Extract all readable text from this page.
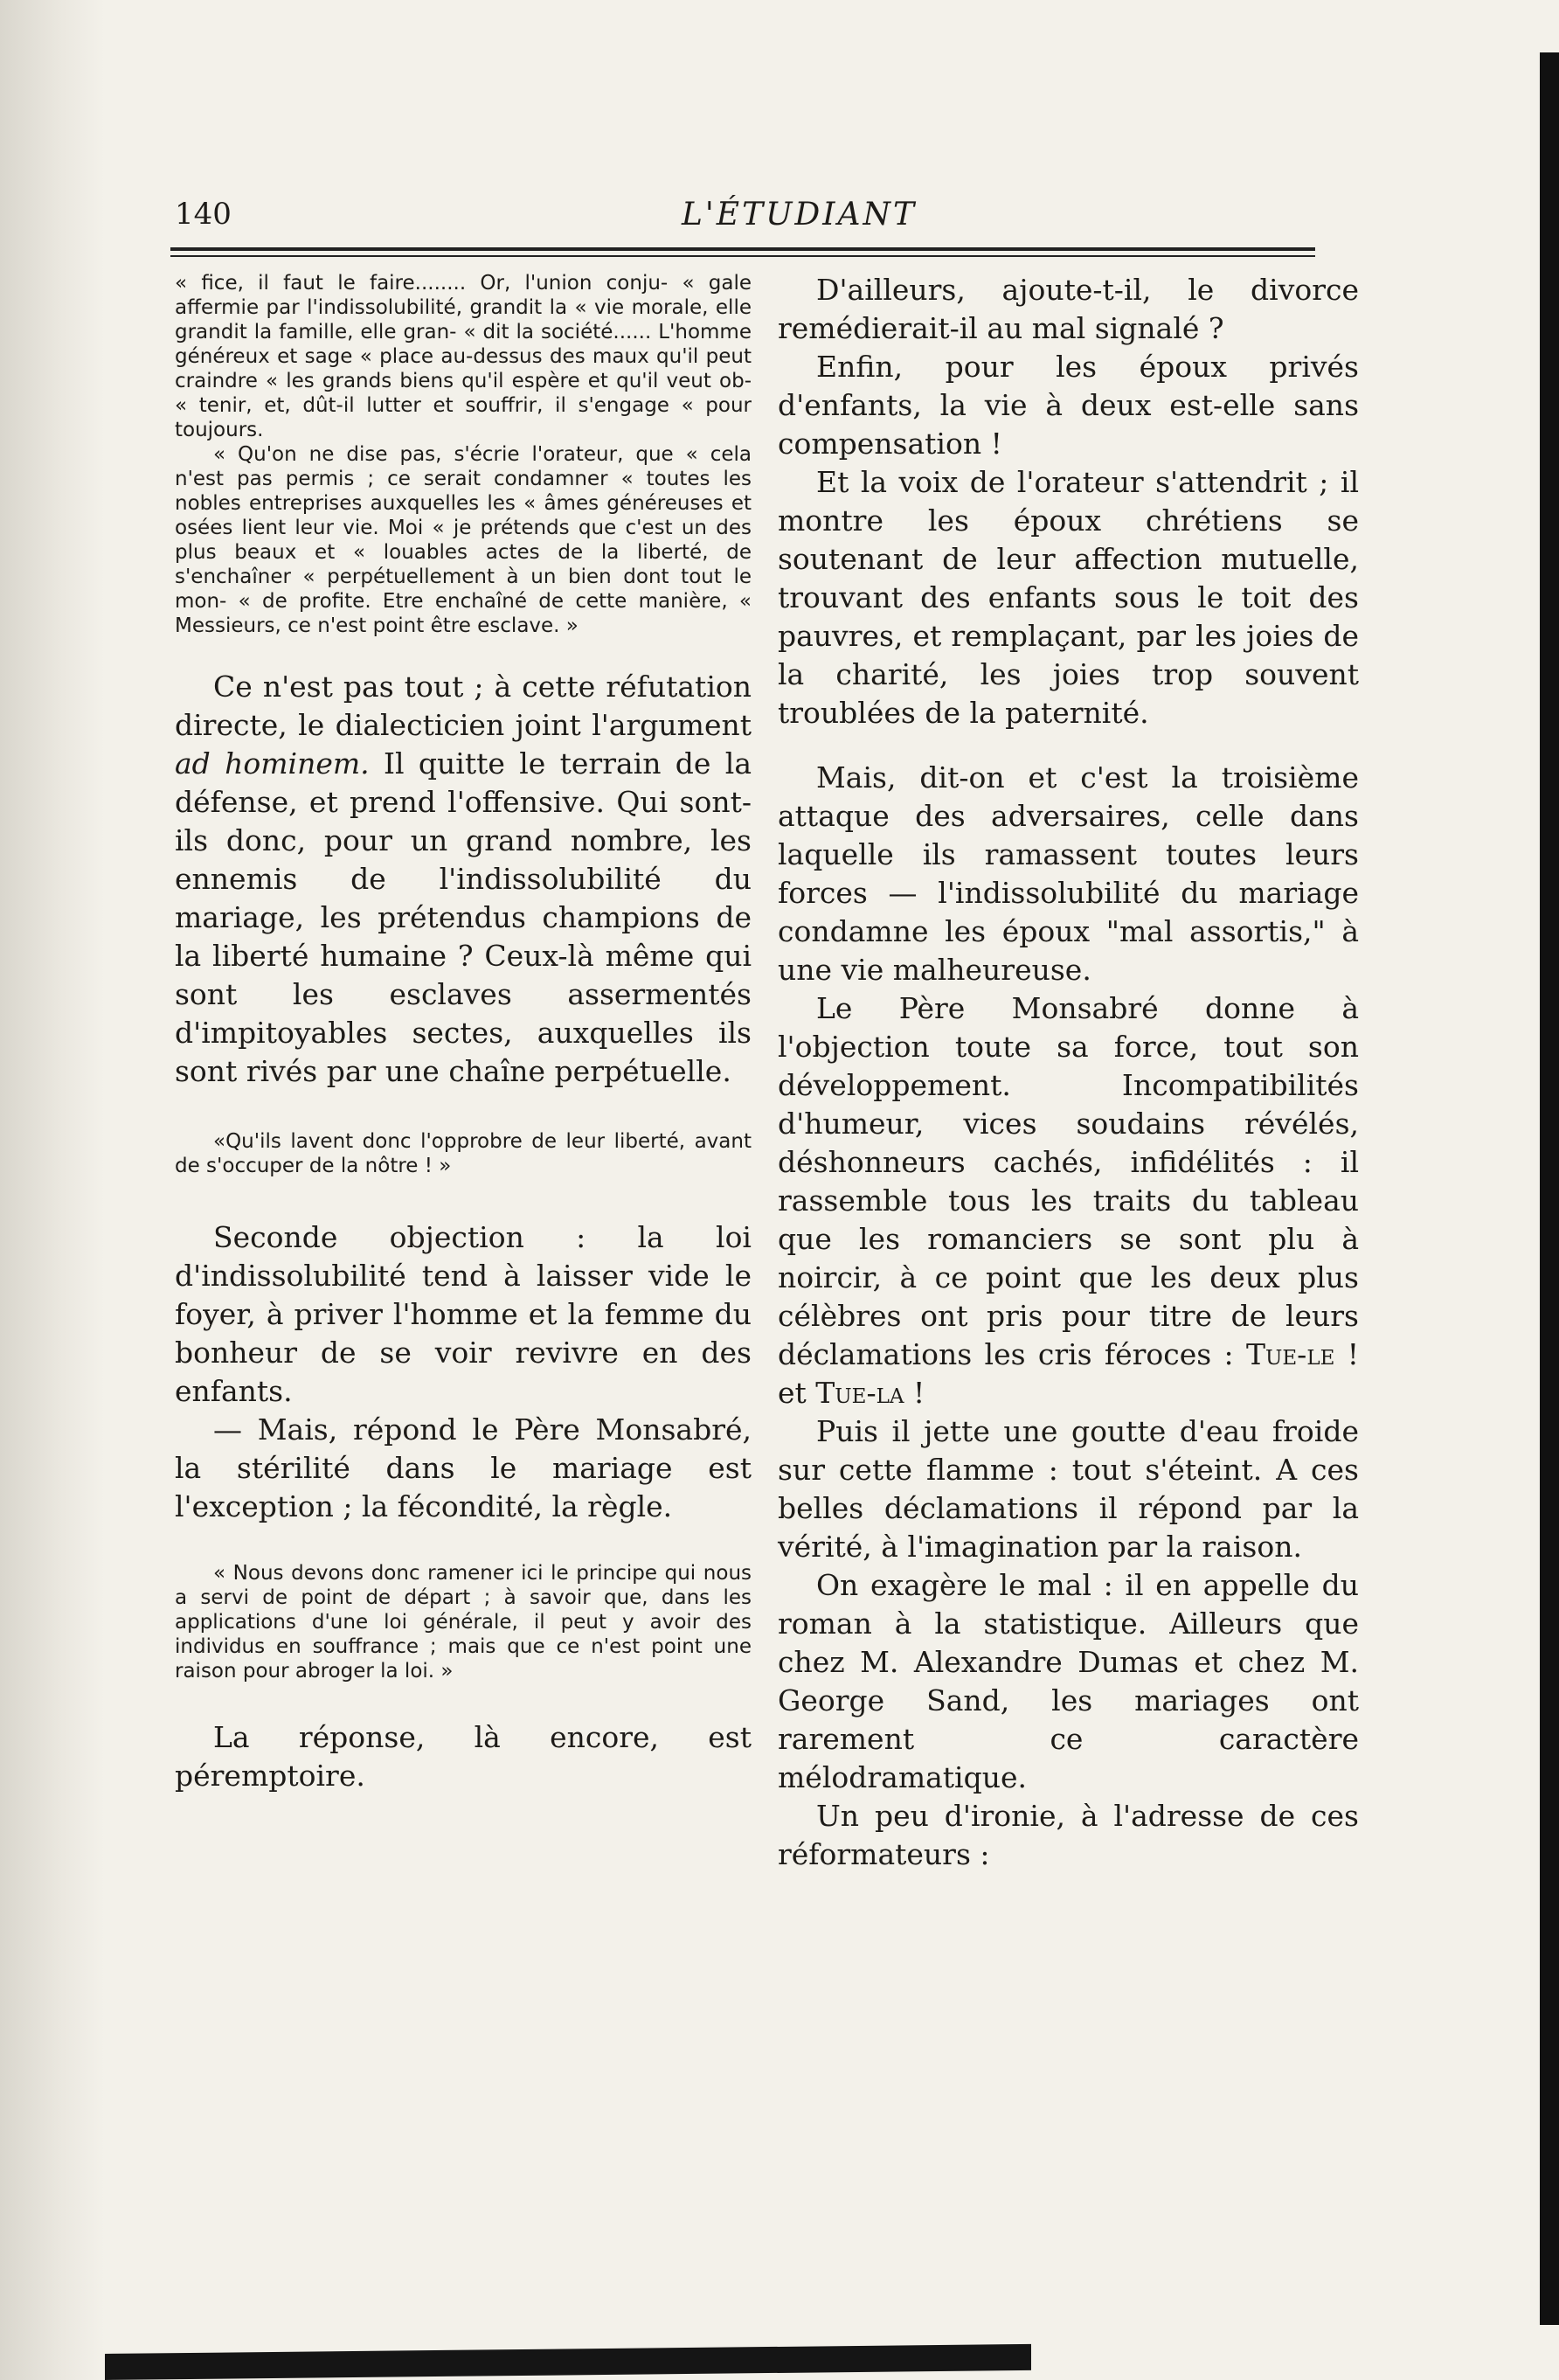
140	L'ÉTUDIANT

« fice, il faut le faire........ Or, l'union conju- « gale affermie par l'indissolubilité, grandit la « vie morale, elle grandit la famille, elle gran- « dit la société...... L'homme généreux et sage « place au-dessus des maux qu'il peut craindre « les grands biens qu'il espère et qu'il veut ob- « tenir, et, dût-il lutter et souffrir, il s'engage « pour toujours.

« Qu'on ne dise pas, s'écrie l'orateur, que « cela n'est pas permis ; ce serait condamner « toutes les nobles entreprises auxquelles les « âmes généreuses et osées lient leur vie. Moi « je prétends que c'est un des plus beaux et « louables actes de la liberté, de s'enchaîner « perpétuellement à un bien dont tout le mon- « de profite. Etre enchaîné de cette manière, « Messieurs, ce n'est point être esclave. »

Ce n'est pas tout ; à cette réfutation directe, le dialecticien joint l'argument ad hominem. Il quitte le terrain de la défense, et prend l'offensive. Qui sont-ils donc, pour un grand nombre, les ennemis de l'indissolubilité du mariage, les prétendus champions de la liberté humaine ? Ceux-là même qui sont les esclaves assermentés d'impitoyables sectes, auxquelles ils sont rivés par une chaîne perpétuelle.

«Qu'ils lavent donc l'opprobre de leur liberté, avant de s'occuper de la nôtre ! »

Seconde objection : la loi d'indissolubilité tend à laisser vide le foyer, à priver l'homme et la femme du bonheur de se voir revivre en des enfants.

— Mais, répond le Père Monsabré, la stérilité dans le mariage est l'exception ; la fécondité, la règle.

« Nous devons donc ramener ici le principe qui nous a servi de point de départ ; à savoir que, dans les applications d'une loi générale, il peut y avoir des individus en souffrance ; mais que ce n'est point une raison pour abroger la loi. »

La réponse, là encore, est péremptoire.

D'ailleurs, ajoute-t-il, le divorce remédierait-il au mal signalé ?

Enfin, pour les époux privés d'enfants, la vie à deux est-elle sans compensation !

Et la voix de l'orateur s'attendrit ; il montre les époux chrétiens se soutenant de leur affection mutuelle, trouvant des enfants sous le toit des pauvres, et remplaçant, par les joies de la charité, les joies trop souvent troublées de la paternité.

Mais, dit-on et c'est la troisième attaque des adversaires, celle dans laquelle ils ramassent toutes leurs forces — l'indissolubilité du mariage condamne les époux "mal assortis," à une vie malheureuse.

Le Père Monsabré donne à l'objection toute sa force, tout son développement. Incompatibilités d'humeur, vices soudains révélés, déshonneurs cachés, infidélités : il rassemble tous les traits du tableau que les romanciers se sont plu à noircir, à ce point que les deux plus célèbres ont pris pour titre de leurs déclamations les cris féroces : Tue-le ! et Tue-la !

Puis il jette une goutte d'eau froide sur cette flamme : tout s'éteint. A ces belles déclamations il répond par la vérité, à l'imagination par la raison.

On exagère le mal : il en appelle du roman à la statistique. Ailleurs que chez M. Alexandre Dumas et chez M. George Sand, les mariages ont rarement ce caractère mélodramatique.

Un peu d'ironie, à l'adresse de ces réformateurs :
